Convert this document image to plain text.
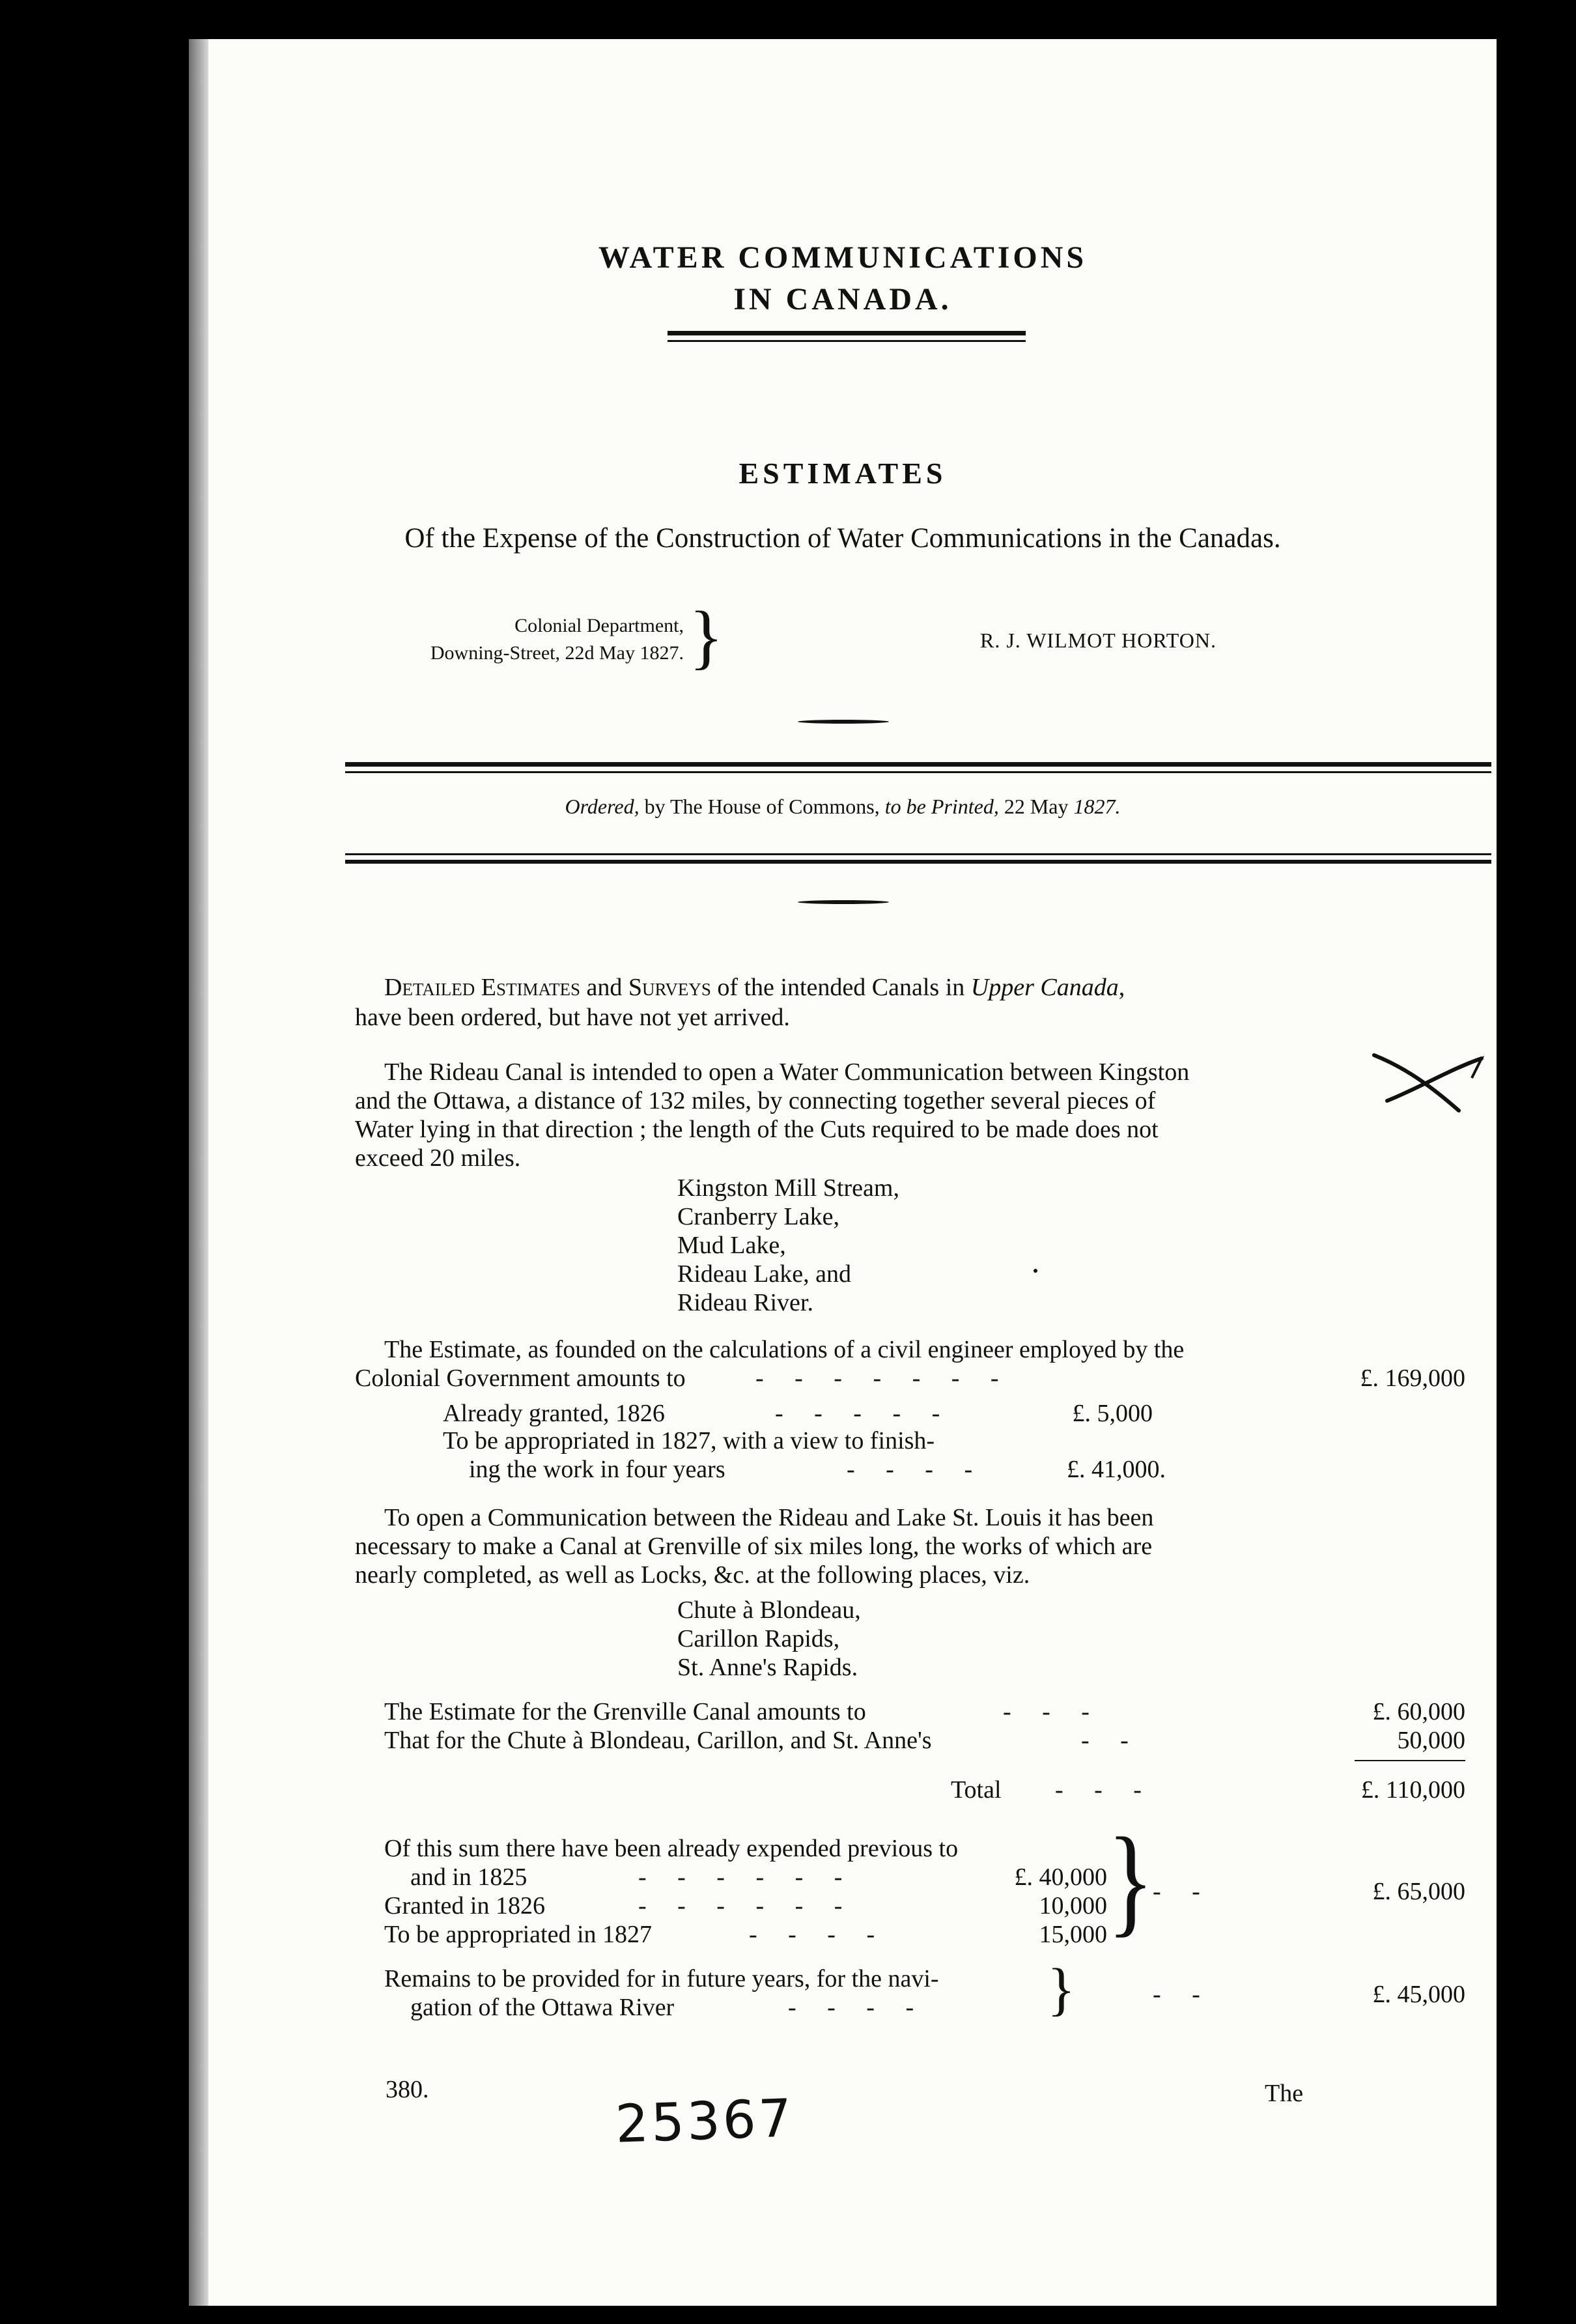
WATER COMMUNICATIONS
IN CANADA.
ESTIMATES
Of the Expense of the Construction of Water Communications in the Canadas.
Colonial Department,
Downing-Street, 22d May 1827. }	R. J. WILMOT HORTON.
Ordered, by The House of Commons, to be Printed, 22 May 1827.
Detailed Estimates and Surveys of the intended Canals in Upper Canada,
have been ordered, but have not yet arrived.
The Rideau Canal is intended to open a Water Communication between Kingston
and the Ottawa, a distance of 132 miles, by connecting together several pieces of
Water lying in that direction ; the length of the Cuts required to be made does not
exceed 20 miles.
Kingston Mill Stream,
Cranberry Lake,
Mud Lake,
Rideau Lake, and
Rideau River.
The Estimate, as founded on the calculations of a civil engineer employed by the
Colonial Government amounts to	-     -     -     -     -     -     -	£. 169,000
Already granted, 1826	-     -     -     -     -	£. 5,000
To be appropriated in 1827, with a view to finish-
ing the work in four years	-     -     -     -	£. 41,000.
To open a Communication between the Rideau and Lake St. Louis it has been
necessary to make a Canal at Grenville of six miles long, the works of which are
nearly completed, as well as Locks, &c. at the following places, viz.
Chute à Blondeau,
Carillon Rapids,
St. Anne's Rapids.
The Estimate for the Grenville Canal amounts to	-     -     -	£. 60,000
That for the Chute à Blondeau, Carillon, and St. Anne's	-     -	50,000
Total -     -     -	£. 110,000
Of this sum there have been already expended previous to
and in 1825	-     -     -     -     -     -	£. 40,000
Granted in 1826	-     -     -     -     -     -	10,000
To be appropriated in 1827	-     -     -     -	15,000 }
-     -	£. 65,000
Remains to be provided for in future years, for the navi-
gation of the Ottawa River	-     -     -     - }	-     -	£. 45,000
380.	The
25367
